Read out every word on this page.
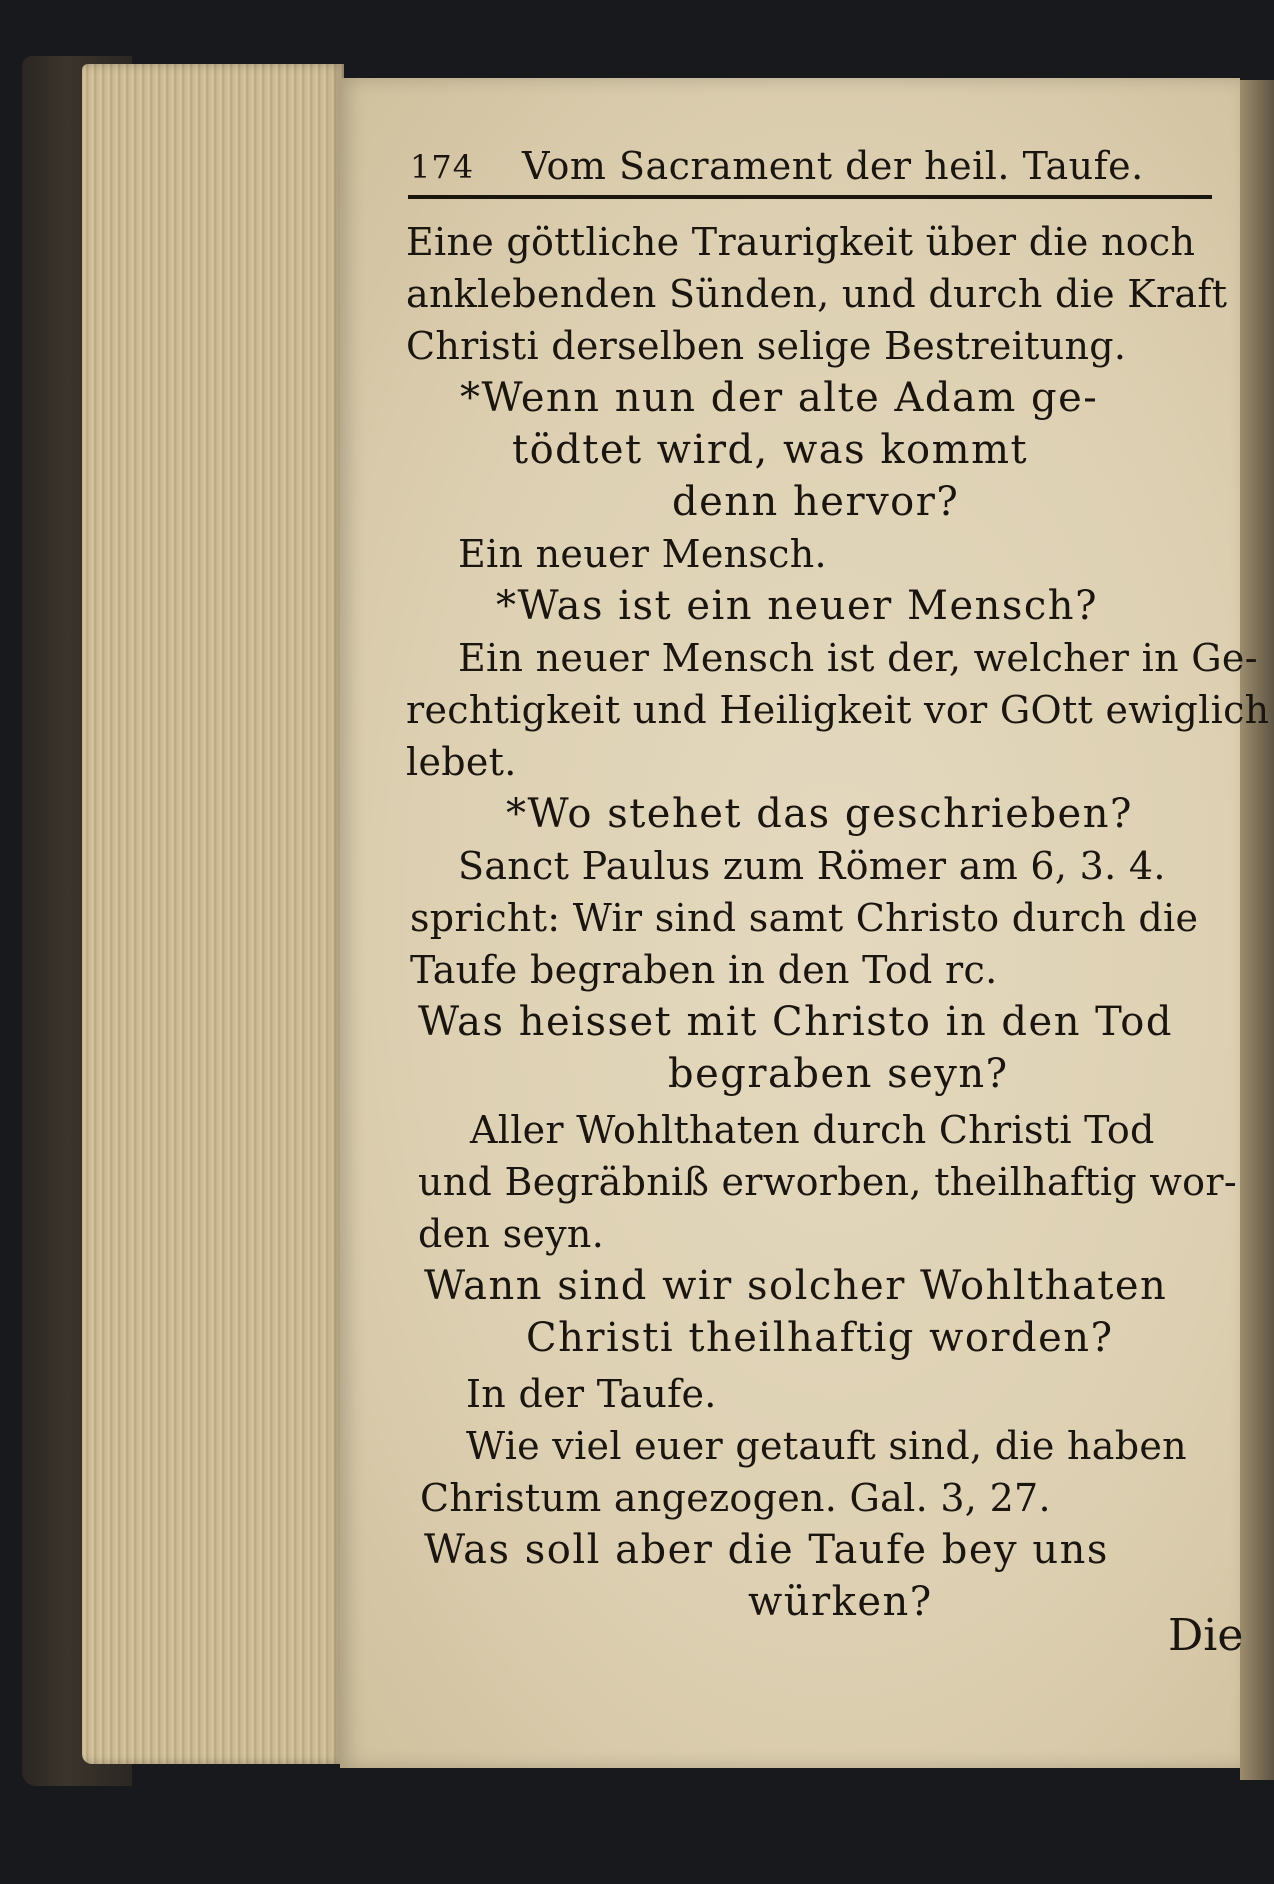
174 Vom Sacrament der heil. Taufe.
Eine göttliche Traurigkeit über die noch
anklebenden Sünden, und durch die Kraft
Christi derselben selige Bestreitung.
*Wenn nun der alte Adam ge-
tödtet wird, was kommt
denn hervor?
Ein neuer Mensch.
*Was ist ein neuer Mensch?
Ein neuer Mensch ist der, welcher in Ge-
rechtigkeit und Heiligkeit vor GOtt ewiglich
lebet.
*Wo stehet das geschrieben?
Sanct Paulus zum Römer am 6, 3. 4.
spricht: Wir sind samt Christo durch die
Taufe begraben in den Tod rc.
Was heisset mit Christo in den Tod
begraben seyn?
Aller Wohlthaten durch Christi Tod
und Begräbniß erworben, theilhaftig wor-
den seyn.
Wann sind wir solcher Wohlthaten
Christi theilhaftig worden?
In der Taufe.
Wie viel euer getauft sind, die haben
Christum angezogen. Gal. 3, 27.
Was soll aber die Taufe bey uns
würken?
Die
